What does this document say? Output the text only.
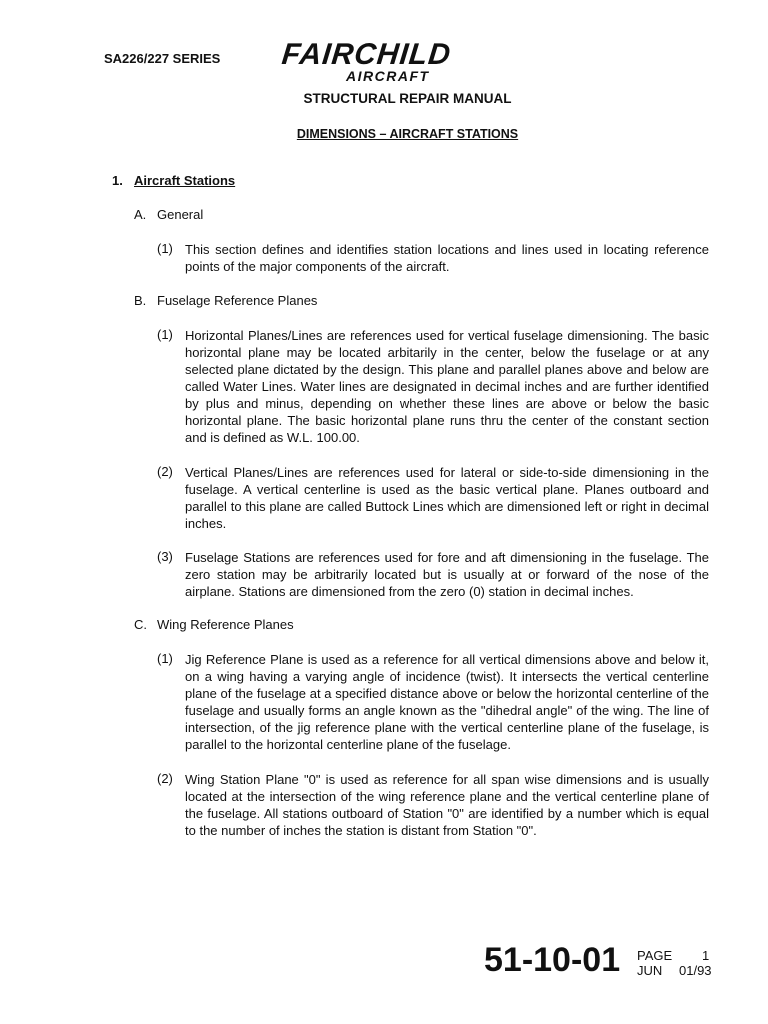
SA226/227 SERIES FAIRCHILD
AIRCRAFT
STRUCTURAL REPAIR MANUAL
DIMENSIONS – AIRCRAFT STATIONS
1. Aircraft Stations
A. General
(1) This section defines and identifies station locations and lines used in locating reference points of the major components of the aircraft.
B. Fuselage Reference Planes
(1) Horizontal Planes/Lines are references used for vertical fuselage dimensioning. The basic horizontal plane may be located arbitarily in the center, below the fuselage or at any selected plane dictated by the design. This plane and parallel planes above and below are called Water Lines. Water lines are designated in decimal inches and are further identified by plus and minus, depending on whether these lines are above or below the basic horizontal plane. The basic horizontal plane runs thru the center of the constant section and is defined as W.L. 100.00.
(2) Vertical Planes/Lines are references used for lateral or side-to-side dimensioning in the fuselage. A vertical centerline is used as the basic vertical plane. Planes outboard and parallel to this plane are called Buttock Lines which are dimensioned left or right in decimal inches.
(3) Fuselage Stations are references used for fore and aft dimensioning in the fuselage. The zero station may be arbitrarily located but is usually at or forward of the nose of the airplane. Stations are dimensioned from the zero (0) station in decimal inches.
C. Wing Reference Planes
(1) Jig Reference Plane is used as a reference for all vertical dimensions above and below it, on a wing having a varying angle of incidence (twist). It intersects the vertical centerline plane of the fuselage at a specified distance above or below the horizontal centerline of the fuselage and usually forms an angle known as the "dihedral angle" of the wing. The line of intersection, of the jig reference plane with the vertical centerline plane of the fuselage, is parallel to the horizontal centerline plane of the fuselage.
(2) Wing Station Plane "0" is used as reference for all span wise dimensions and is usually located at the intersection of the wing reference plane and the vertical centerline plane of the fuselage. All stations outboard of Station "0" are identified by a number which is equal to the number of inches the station is distant from Station "0".
51-10-01 PAGE 1
JUN 01/93
